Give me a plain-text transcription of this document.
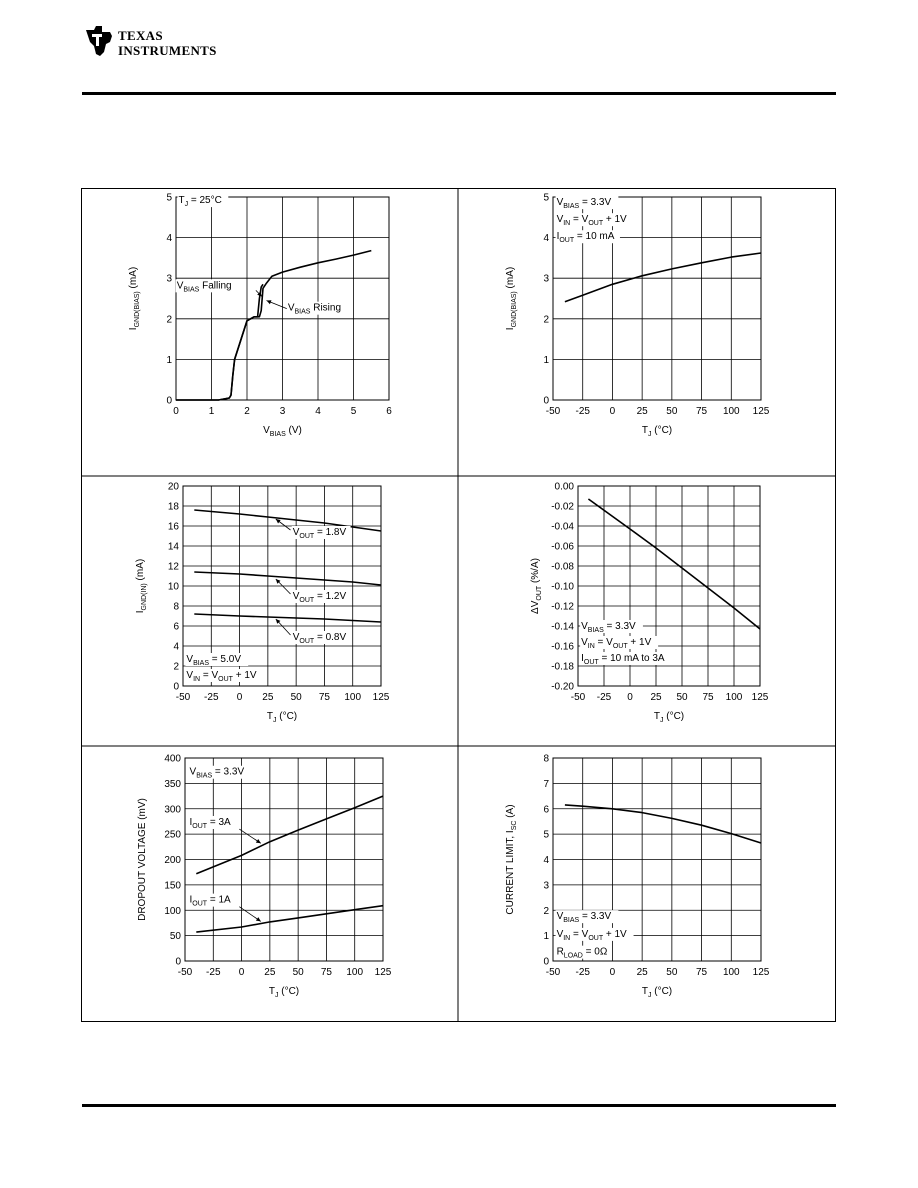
TEXAS
INSTRUMENTS
0	1	2	3	4	5	6
0
1
2
3
4
5
$V_{BIAS}$ (V)
$I_{GND(BIAS)}$ (mA)
$T_J = 25^\circ C$
$V_{BIAS}$ Falling
$V_{BIAS}$ Rising
-50 -25 0 25 50 75 100 125
0
1
2
3
4
5
$T_J$ (°C)
$I_{GND(BIAS)}$ (mA)
$V_{BIAS} = 3.3V$
$V_{IN} = V_{OUT} + 1V$
$I_{OUT} = 10$ mA
-50 -25 0 25 50 75 100 125
0
2
4
6
8
10
12
14
16
18
20
$T_J$ (°C)
$I_{GND(IN)}$ (mA)
$V_{OUT} = 1.8V$
$V_{OUT} = 1.2V$
$V_{OUT} = 0.8V$
$V_{BIAS} = 5.0V$
$V_{IN} = V_{OUT} + 1V$
-50 -25 0 25 50 75 100 125
-0.20
-0.18
-0.16
-0.14
-0.12
-0.10
-0.08
-0.06
-0.04
-0.02
0.00
$T_J$ (°C)
$\Delta V_{OUT}$ (%/A)
$V_{BIAS} = 3.3V$
$V_{IN} = V_{OUT} + 1V$
$I_{OUT} = 10$ mA to 3A
-50 -25 0 25 50 75 100 125
0
50
100
150
200
250
300
350
400
$T_J$ (°C)
DROPOUT VOLTAGE (mV)
$V_{BIAS} = 3.3V$
$I_{OUT} = 3A$
$I_{OUT} = 1A$
-50 -25 0 25 50 75 100 125
0
1
2
3
4
5
6
7
8
$T_J$ (°C)
CURRENT LIMIT, $I_{SC}$ (A)
$V_{BIAS} = 3.3V$
$V_{IN} = V_{OUT} + 1V$
$R_{LOAD} = 0\Omega$
